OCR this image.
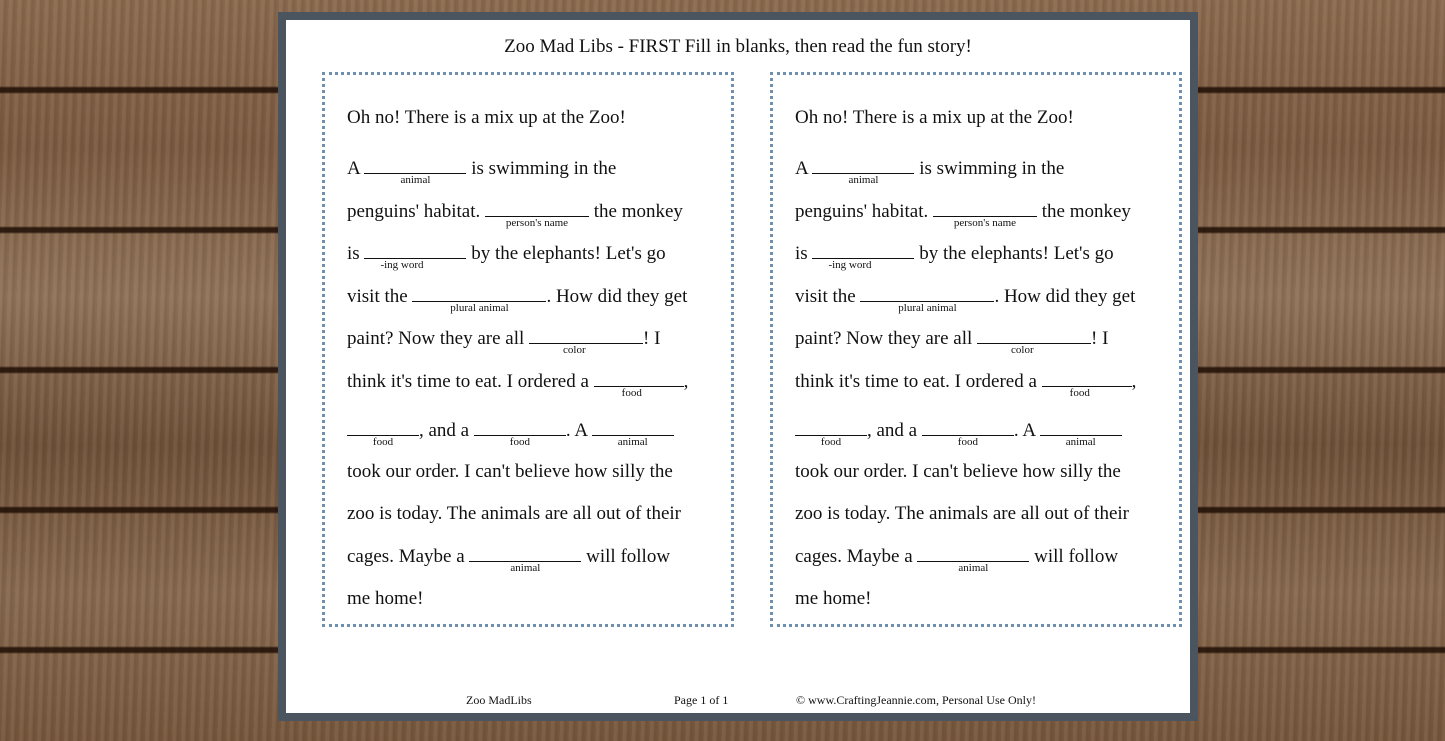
Zoo Mad Libs - FIRST Fill in blanks, then read the fun story!
Oh no! There is a mix up at the Zoo!
A
animal
is swimming in the
penguins' habitat.
person's name
the monkey
is
-ing word
by the elephants! Let's go
visit the
plural animal
. How did they get
paint? Now they are all
color
! I
think it's time to eat. I ordered a
food
,
food
, and a
food
. A
animal
took our order. I can't believe how silly the
zoo is today. The animals are all out of their
cages. Maybe a
animal
will follow
me home!
Oh no! There is a mix up at the Zoo!
A
animal
is swimming in the
penguins' habitat.
person's name
the monkey
is
-ing word
by the elephants! Let's go
visit the
plural animal
. How did they get
paint? Now they are all
color
! I
think it's time to eat. I ordered a
food
,
food
, and a
food
. A
animal
took our order. I can't believe how silly the
zoo is today. The animals are all out of their
cages. Maybe a
animal
will follow
me home!
Zoo MadLibs	Page 1 of 1	© www.CraftingJeannie.com, Personal Use Only!
